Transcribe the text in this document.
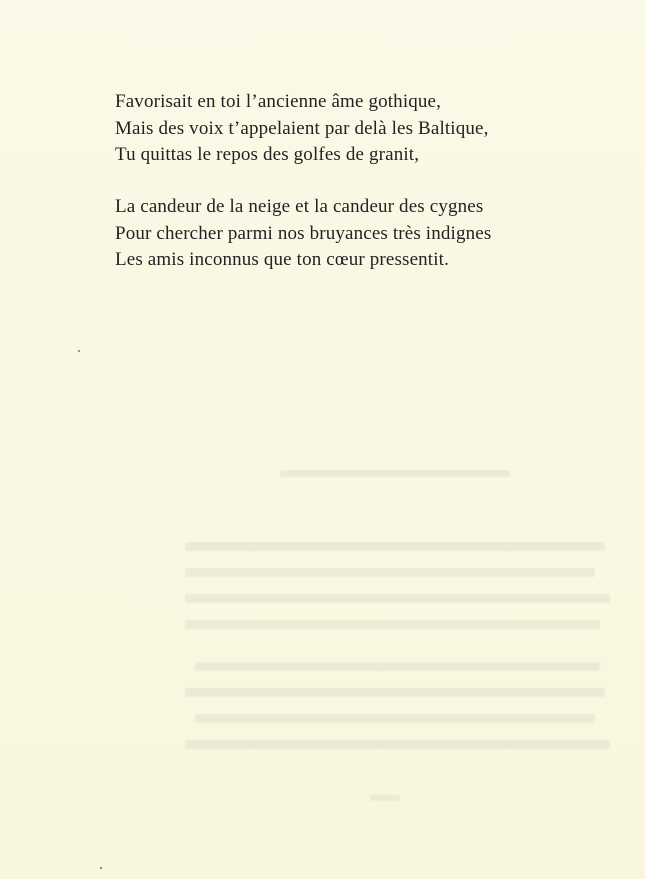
Favorisait en toi l’ancienne âme gothique,
Mais des voix t’appelaient par delà les Baltique,
Tu quittas le repos des golfes de granit,
La candeur de la neige et la candeur des cygnes
Pour chercher parmi nos bruyances très indignes
Les amis inconnus que ton cœur pressentit.
